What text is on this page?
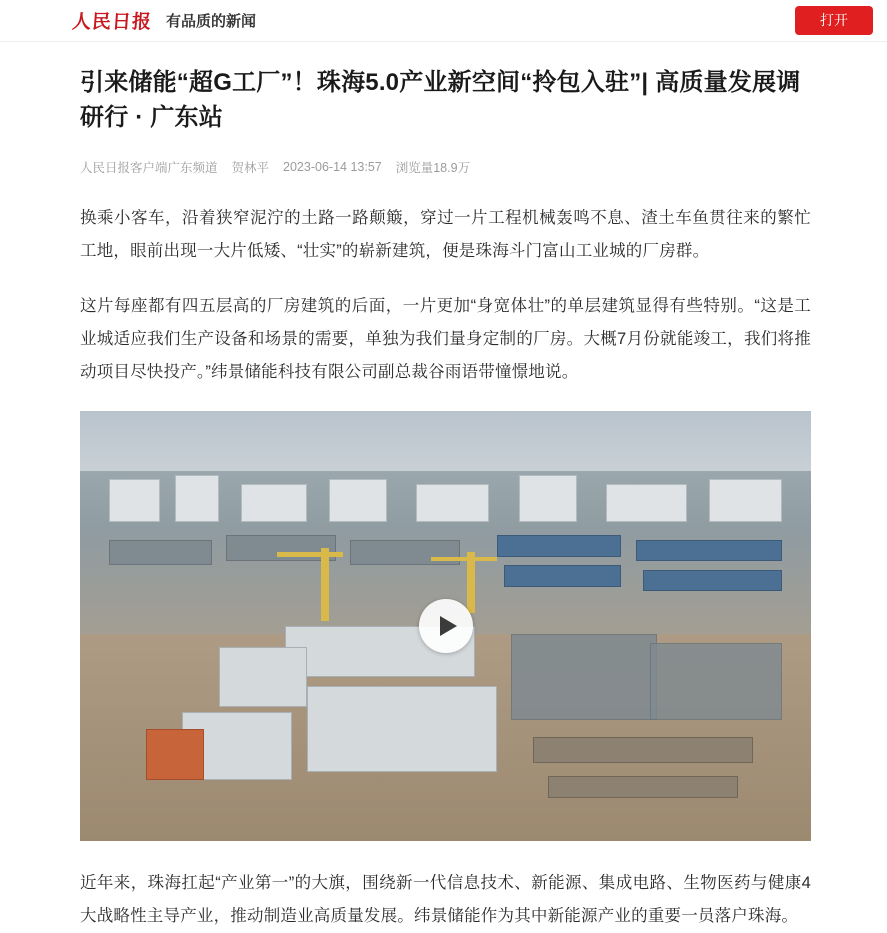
人民日报 有品质的新闻	打开
引来储能“超G工厂”！珠海5.0产业新空间“拎包入驻”| 高质量发展调研行 · 广东站
人民日报客户端广东频道 贺林平 2023-06-14 13:57 浏览量18.9万

换乘小客车，沿着狭窄泥泞的土路一路颠簸，穿过一片工程机械轰鸣不息、渣土车鱼贯往来的繁忙工地，眼前出现一大片低矮、“壮实”的崭新建筑，便是珠海斗门富山工业城的厂房群。

这片每座都有四五层高的厂房建筑的后面，一片更加“身宽体壮”的单层建筑显得有些特别。“这是工业城适应我们生产设备和场景的需要，单独为我们量身定制的厂房。大概7月份就能竣工，我们将推动项目尽快投产。”纬景储能科技有限公司副总裁谷雨语带憧憬地说。

近年来，珠海扛起“产业第一”的大旗，围绕新一代信息技术、新能源、集成电路、生物医药与健康4大战略性主导产业，推动制造业高质量发展。纬景储能作为其中新能源产业的重要一员落户珠海。
